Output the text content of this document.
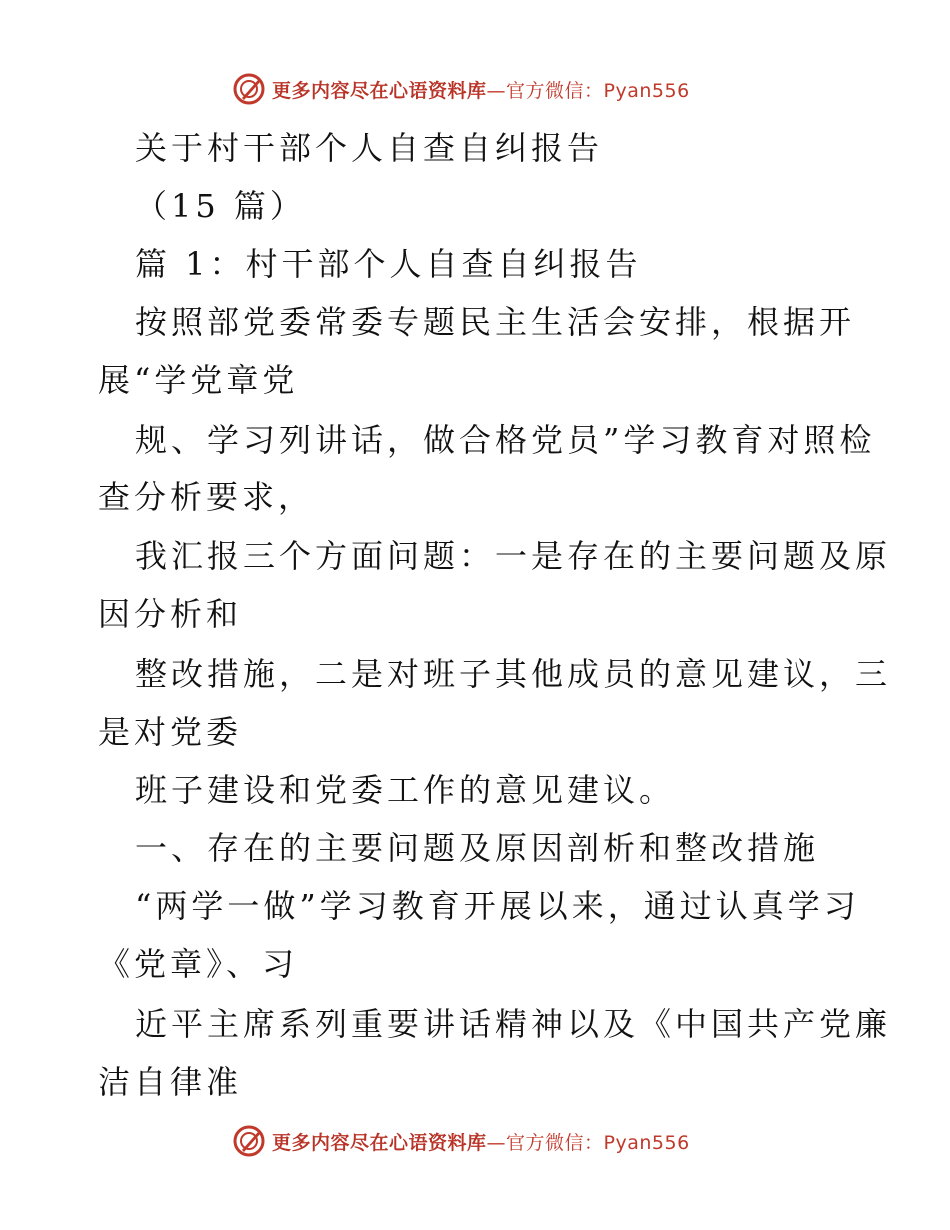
更多内容尽在心语资料库—官方微信：Pyan556
关于村干部个人自查自纠报告
（15 篇）
篇 1：村干部个人自查自纠报告
按照部党委常委专题民主生活会安排，根据开
展“学党章党
规、学习列讲话，做合格党员”学习教育对照检
查分析要求，
我汇报三个方面问题：一是存在的主要问题及原
因分析和
整改措施，二是对班子其他成员的意见建议，三
是对党委
班子建设和党委工作的意见建议。
一、存在的主要问题及原因剖析和整改措施
“两学一做”学习教育开展以来，通过认真学习
《党章》、习
近平主席系列重要讲话精神以及《中国共产党廉
洁自律准
更多内容尽在心语资料库—官方微信：Pyan556
